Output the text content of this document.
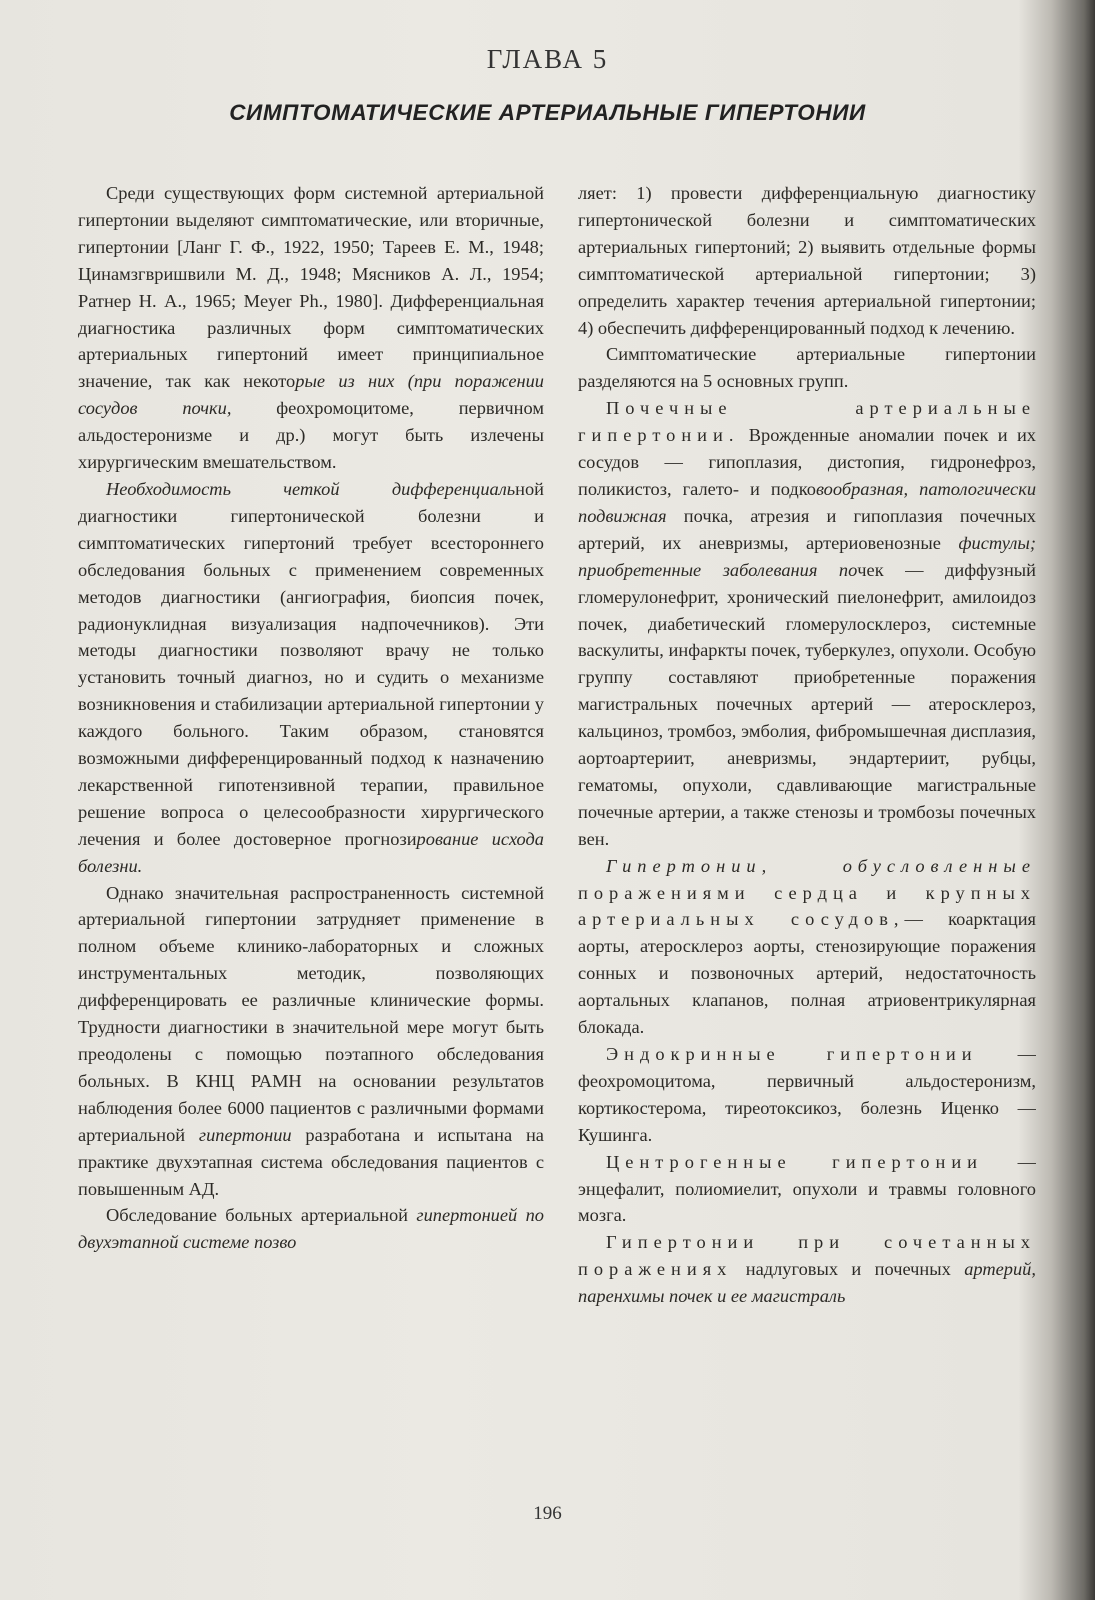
ГЛАВА 5
СИМПТОМАТИЧЕСКИЕ АРТЕРИАЛЬНЫЕ ГИПЕРТОНИИ

Среди существующих форм системной артериальной гипертонии выделяют симптоматические, или вторичные, гипертонии [Ланг Г. Ф., 1922, 1950; Тареев Е. М., 1948; Цинамзгвришвили М. Д., 1948; Мясников А. Л., 1954; Ратнер Н. А., 1965; Meyer Ph., 1980]. Дифференциальная диагностика различных форм симптоматических артериальных гипертоний имеет принципиальное значение, так как некоторые из них (при поражении сосудов почки, феохромоцитоме, первичном альдостеронизме и др.) могут быть излечены хирургическим вмешательством.

Необходимость четкой дифференциальной диагностики гипертонической болезни и симптоматических гипертоний требует всестороннего обследования больных с применением современных методов диагностики (ангиография, биопсия почек, радионуклидная визуализация надпочечников). Эти методы диагностики позволяют врачу не только установить точный диагноз, но и судить о механизме возникновения и стабилизации артериальной гипертонии у каждого больного. Таким образом, становятся возможными дифференцированный подход к назначению лекарственной гипотензивной терапии, правильное решение вопроса о целесообразности хирургического лечения и более достоверное прогнозирование исхода болезни.

Однако значительная распространенность системной артериальной гипертонии затрудняет применение в полном объеме клинико-лабораторных и сложных инструментальных методик, позволяющих дифференцировать ее различные клинические формы. Трудности диагностики в значительной мере могут быть преодолены с помощью поэтапного обследования больных. В КНЦ РАМН на основании результатов наблюдения более 6000 пациентов с различными формами артериальной гипертонии разработана и испытана на практике двухэтапная система обследования пациентов с повышенным АД.

Обследование больных артериальной гипертонией по двухэтапной системе позво

ляет: 1) провести дифференциальную диагностику гипертонической болезни и симптоматических артериальных гипертоний; 2) выявить отдельные формы симптоматической артериальной гипертонии; 3) определить характер течения артериальной гипертонии; 4) обеспечить дифференцированный подход к лечению.

Симптоматические артериальные гипертонии разделяются на 5 основных групп.

Почечные артериальные гипертонии. Врожденные аномалии почек и их сосудов — гипоплазия, дистопия, гидронефроз, поликистоз, галето- и подковообразная, патологически подвижная почка, атрезия и гипоплазия почечных артерий, их аневризмы, артериовенозные фистулы; приобретенные заболевания почек — диффузный гломерулонефрит, хронический пиелонефрит, амилоидоз почек, диабетический гломерулосклероз, системные васкулиты, инфаркты почек, туберкулез, опухоли. Особую группу составляют приобретенные поражения магистральных почечных артерий — атеросклероз, кальциноз, тромбоз, эмболия, фибромышечная дисплазия, аортоартериит, аневризмы, эндартериит, рубцы, гематомы, опухоли, сдавливающие магистральные почечные артерии, а также стенозы и тромбозы почечных вен.

Гипертонии, обусловленные поражениями сердца и крупных артериальных сосудов,— коарктация аорты, атеросклероз аорты, стенозирующие поражения сонных и позвоночных артерий, недостаточность аортальных клапанов, полная атриовентрикулярная блокада.

Эндокринные гипертонии — феохромоцитома, первичный альдостеронизм, кортикостерома, тиреотоксикоз, болезнь Иценко — Кушинга.

Центрогенные гипертонии — энцефалит, полиомиелит, опухоли и травмы головного мозга.

Гипертонии при сочетанных поражениях надлуговых и почечных артерий, паренхимы почек и ее магистраль

196
